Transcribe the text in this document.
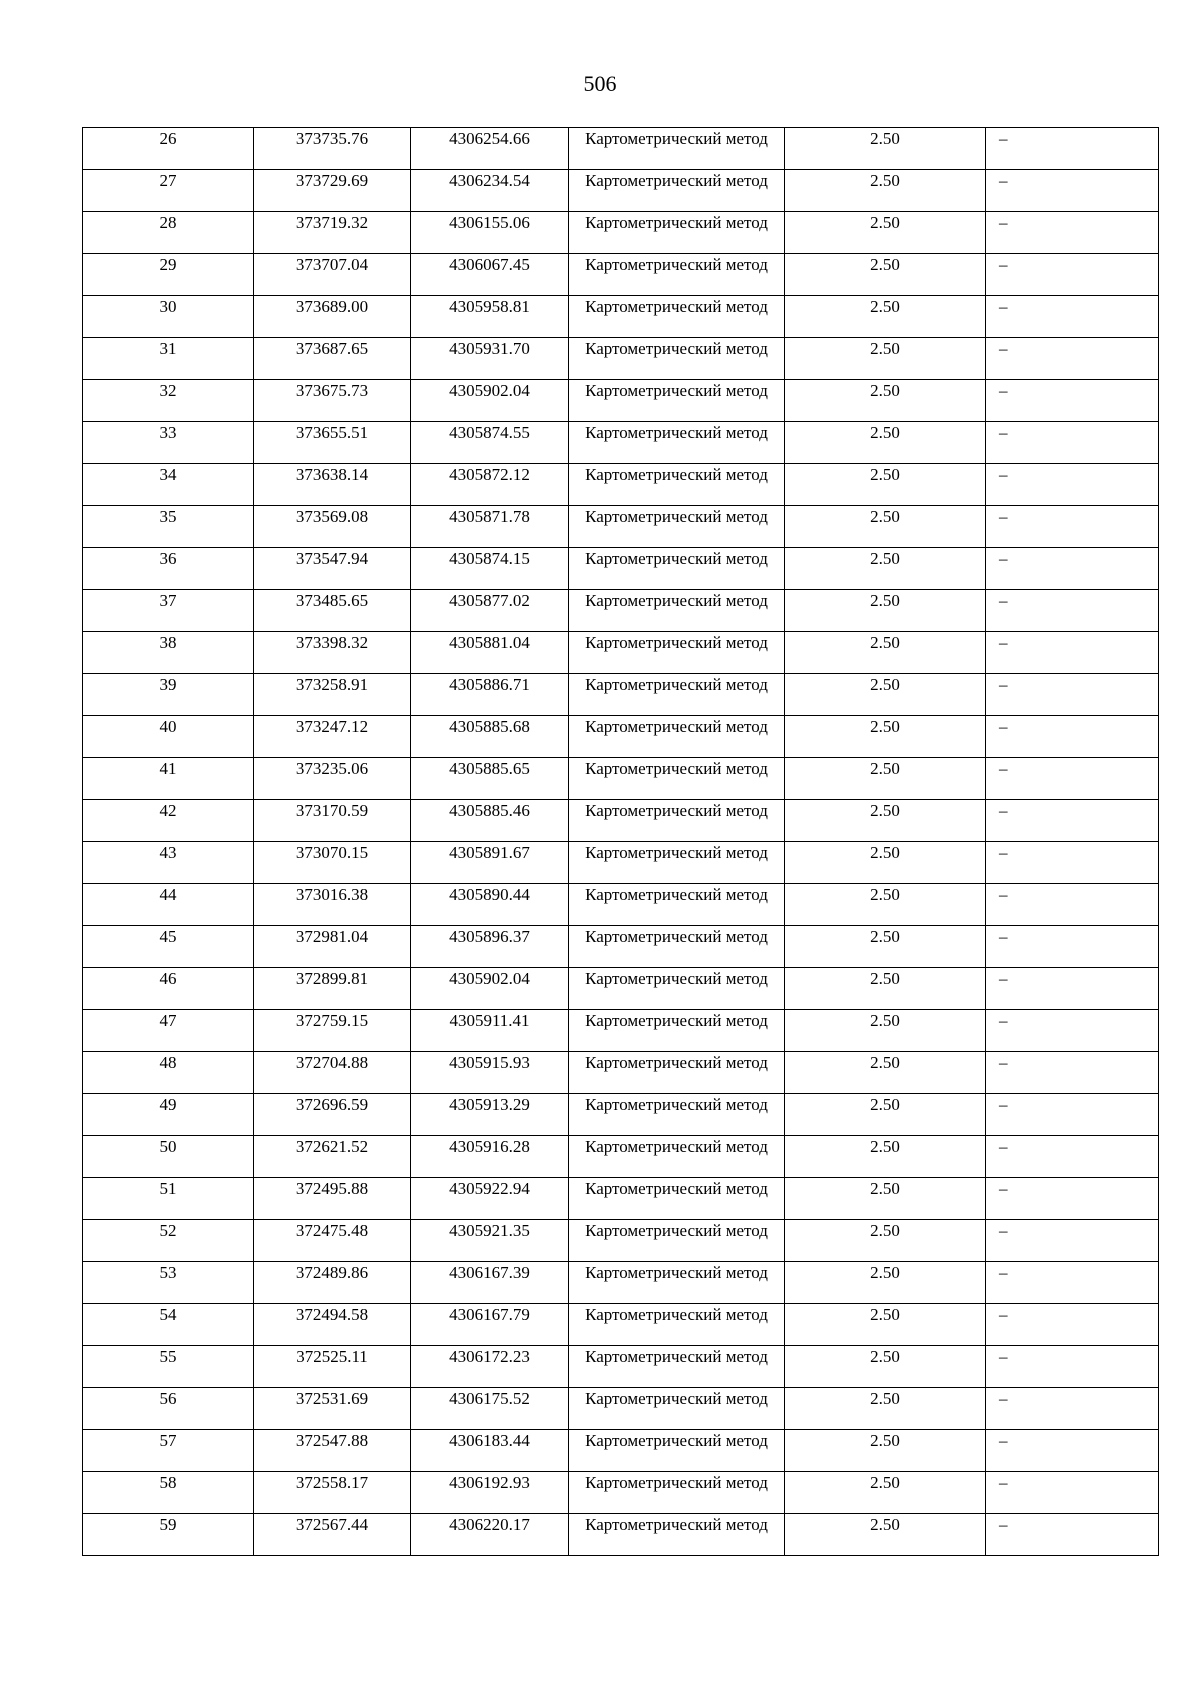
506
26	373735.76	4306254.66	Картометрический метод	2.50	–
27	373729.69	4306234.54	Картометрический метод	2.50	–
28	373719.32	4306155.06	Картометрический метод	2.50	–
29	373707.04	4306067.45	Картометрический метод	2.50	–
30	373689.00	4305958.81	Картометрический метод	2.50	–
31	373687.65	4305931.70	Картометрический метод	2.50	–
32	373675.73	4305902.04	Картометрический метод	2.50	–
33	373655.51	4305874.55	Картометрический метод	2.50	–
34	373638.14	4305872.12	Картометрический метод	2.50	–
35	373569.08	4305871.78	Картометрический метод	2.50	–
36	373547.94	4305874.15	Картометрический метод	2.50	–
37	373485.65	4305877.02	Картометрический метод	2.50	–
38	373398.32	4305881.04	Картометрический метод	2.50	–
39	373258.91	4305886.71	Картометрический метод	2.50	–
40	373247.12	4305885.68	Картометрический метод	2.50	–
41	373235.06	4305885.65	Картометрический метод	2.50	–
42	373170.59	4305885.46	Картометрический метод	2.50	–
43	373070.15	4305891.67	Картометрический метод	2.50	–
44	373016.38	4305890.44	Картометрический метод	2.50	–
45	372981.04	4305896.37	Картометрический метод	2.50	–
46	372899.81	4305902.04	Картометрический метод	2.50	–
47	372759.15	4305911.41	Картометрический метод	2.50	–
48	372704.88	4305915.93	Картометрический метод	2.50	–
49	372696.59	4305913.29	Картометрический метод	2.50	–
50	372621.52	4305916.28	Картометрический метод	2.50	–
51	372495.88	4305922.94	Картометрический метод	2.50	–
52	372475.48	4305921.35	Картометрический метод	2.50	–
53	372489.86	4306167.39	Картометрический метод	2.50	–
54	372494.58	4306167.79	Картометрический метод	2.50	–
55	372525.11	4306172.23	Картометрический метод	2.50	–
56	372531.69	4306175.52	Картометрический метод	2.50	–
57	372547.88	4306183.44	Картометрический метод	2.50	–
58	372558.17	4306192.93	Картометрический метод	2.50	–
59	372567.44	4306220.17	Картометрический метод	2.50	–
